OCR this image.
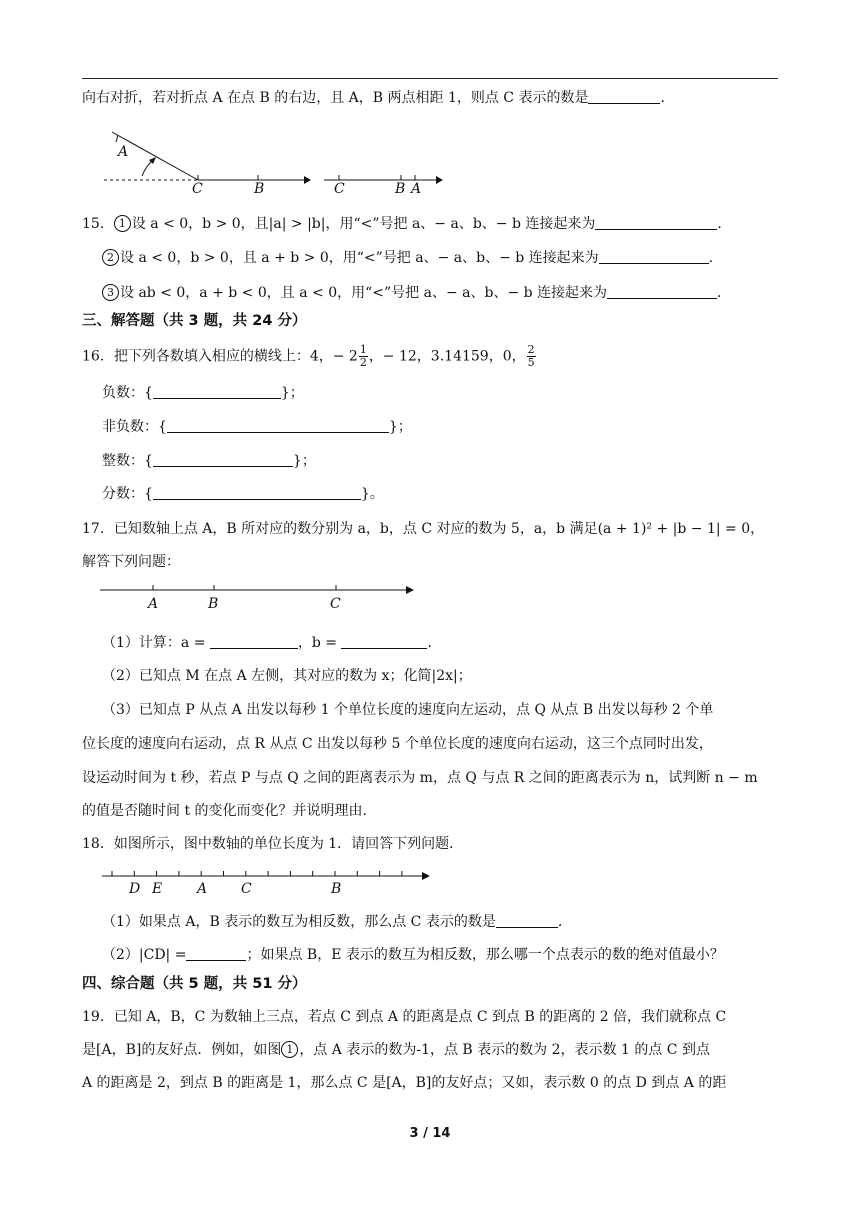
向右对折，若对折点 A 在点 B 的右边，且 A，B 两点相距 1，则点 C 表示的数是	.
A
C	B	C	B A
15． 1 设 a < 0，b > 0，且|a| > |b|，用“<”号把 a、− a、b、− b 连接起来为	.
2 设 a < 0，b > 0，且 a + b > 0，用“<”号把 a、− a、b、− b 连接起来为	.
3 设 ab < 0，a + b < 0，且 a < 0，用“<”号把 a、− a、b、− b 连接起来为	.
三、解答题（共 3 题，共 24 分）
16．把下列各数填入相应的横线上：4，− $2 \frac{1}{2}$ ，− 12，3.14159，0， $\frac{2}{5}$
负数：{	}；
非负数：{	}；
整数：{	}；
分数：{	}。
17．已知数轴上点 A，B 所对应的数分别为 a，b，点 C 对应的数为 5，a，b 满足(a + 1)² + |b − 1| = 0，
解答下列问题：
A	B	C
（1）计算：a =	，b =	.
（2）已知点 M 在点 A 左侧，其对应的数为 x；化简|2x|；
（3）已知点 P 从点 A 出发以每秒 1 个单位长度的速度向左运动，点 Q 从点 B 出发以每秒 2 个单
位长度的速度向右运动，点 R 从点 C 出发以每秒 5 个单位长度的速度向右运动，这三个点同时出发，
设运动时间为 t 秒，若点 P 与点 Q 之间的距离表示为 m，点 Q 与点 R 之间的距离表示为 n，试判断 n − m
的值是否随时间 t 的变化而变化？并说明理由.
18．如图所示，图中数轴的单位长度为 1．请回答下列问题．
D E A C	B
（1）如果点 A，B 表示的数互为相反数，那么点 C 表示的数是	.
（2）|CD| =	；如果点 B，E 表示的数互为相反数，那么哪一个点表示的数的绝对值最小？
四、综合题（共 5 题，共 51 分）
19．已知 A，B，C 为数轴上三点，若点 C 到点 A 的距离是点 C 到点 B 的距离的 2 倍，我们就称点 C
是[A，B]的友好点．例如，如图 1 ，点 A 表示的数为-1，点 B 表示的数为 2，表示数 1 的点 C 到点
A 的距离是 2，到点 B 的距离是 1，那么点 C 是[A，B]的友好点；又如，表示数 0 的点 D 到点 A 的距
3 / 14
